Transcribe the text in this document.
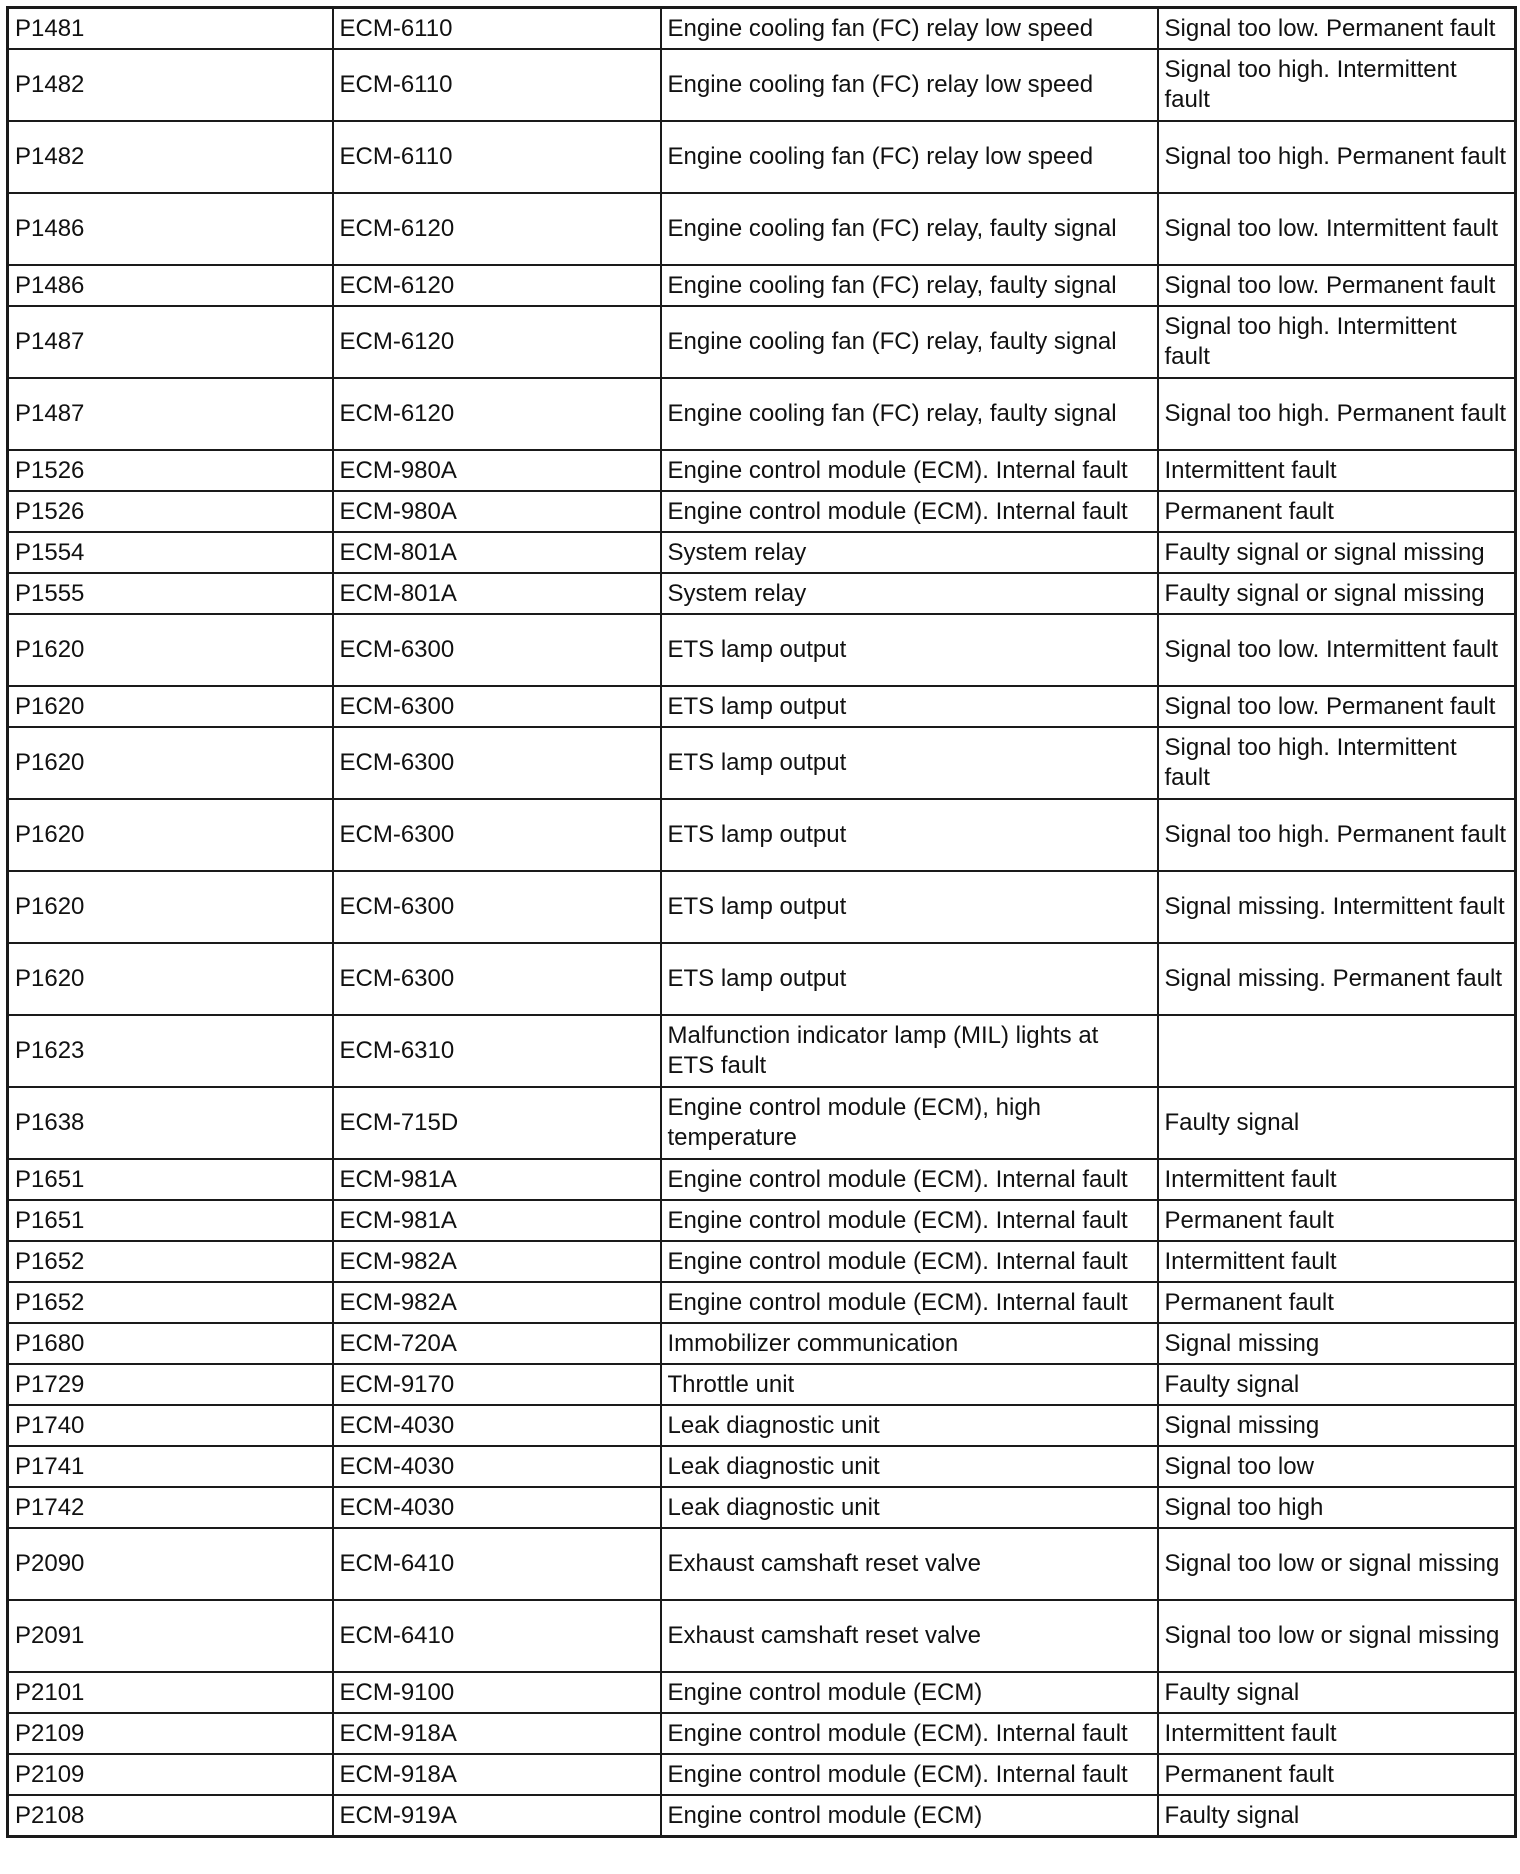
P1481	ECM-6110	Engine cooling fan (FC) relay low speed	Signal too low. Permanent fault
P1482	ECM-6110	Engine cooling fan (FC) relay low speed	Signal too high. Intermittent fault
P1482	ECM-6110	Engine cooling fan (FC) relay low speed	Signal too high. Permanent fault
P1486	ECM-6120	Engine cooling fan (FC) relay, faulty signal	Signal too low. Intermittent fault
P1486	ECM-6120	Engine cooling fan (FC) relay, faulty signal	Signal too low. Permanent fault
P1487	ECM-6120	Engine cooling fan (FC) relay, faulty signal	Signal too high. Intermittent fault
P1487	ECM-6120	Engine cooling fan (FC) relay, faulty signal	Signal too high. Permanent fault
P1526	ECM-980A	Engine control module (ECM). Internal fault	Intermittent fault
P1526	ECM-980A	Engine control module (ECM). Internal fault	Permanent fault
P1554	ECM-801A	System relay	Faulty signal or signal missing
P1555	ECM-801A	System relay	Faulty signal or signal missing
P1620	ECM-6300	ETS lamp output	Signal too low. Intermittent fault
P1620	ECM-6300	ETS lamp output	Signal too low. Permanent fault
P1620	ECM-6300	ETS lamp output	Signal too high. Intermittent fault
P1620	ECM-6300	ETS lamp output	Signal too high. Permanent fault
P1620	ECM-6300	ETS lamp output	Signal missing. Intermittent fault
P1620	ECM-6300	ETS lamp output	Signal missing. Permanent fault
P1623	ECM-6310	Malfunction indicator lamp (MIL) lights at ETS fault	
P1638	ECM-715D	Engine control module (ECM), high temperature	Faulty signal
P1651	ECM-981A	Engine control module (ECM). Internal fault	Intermittent fault
P1651	ECM-981A	Engine control module (ECM). Internal fault	Permanent fault
P1652	ECM-982A	Engine control module (ECM). Internal fault	Intermittent fault
P1652	ECM-982A	Engine control module (ECM). Internal fault	Permanent fault
P1680	ECM-720A	Immobilizer communication	Signal missing
P1729	ECM-9170	Throttle unit	Faulty signal
P1740	ECM-4030	Leak diagnostic unit	Signal missing
P1741	ECM-4030	Leak diagnostic unit	Signal too low
P1742	ECM-4030	Leak diagnostic unit	Signal too high
P2090	ECM-6410	Exhaust camshaft reset valve	Signal too low or signal missing
P2091	ECM-6410	Exhaust camshaft reset valve	Signal too low or signal missing
P2101	ECM-9100	Engine control module (ECM)	Faulty signal
P2109	ECM-918A	Engine control module (ECM). Internal fault	Intermittent fault
P2109	ECM-918A	Engine control module (ECM). Internal fault	Permanent fault
P2108	ECM-919A	Engine control module (ECM)	Faulty signal
